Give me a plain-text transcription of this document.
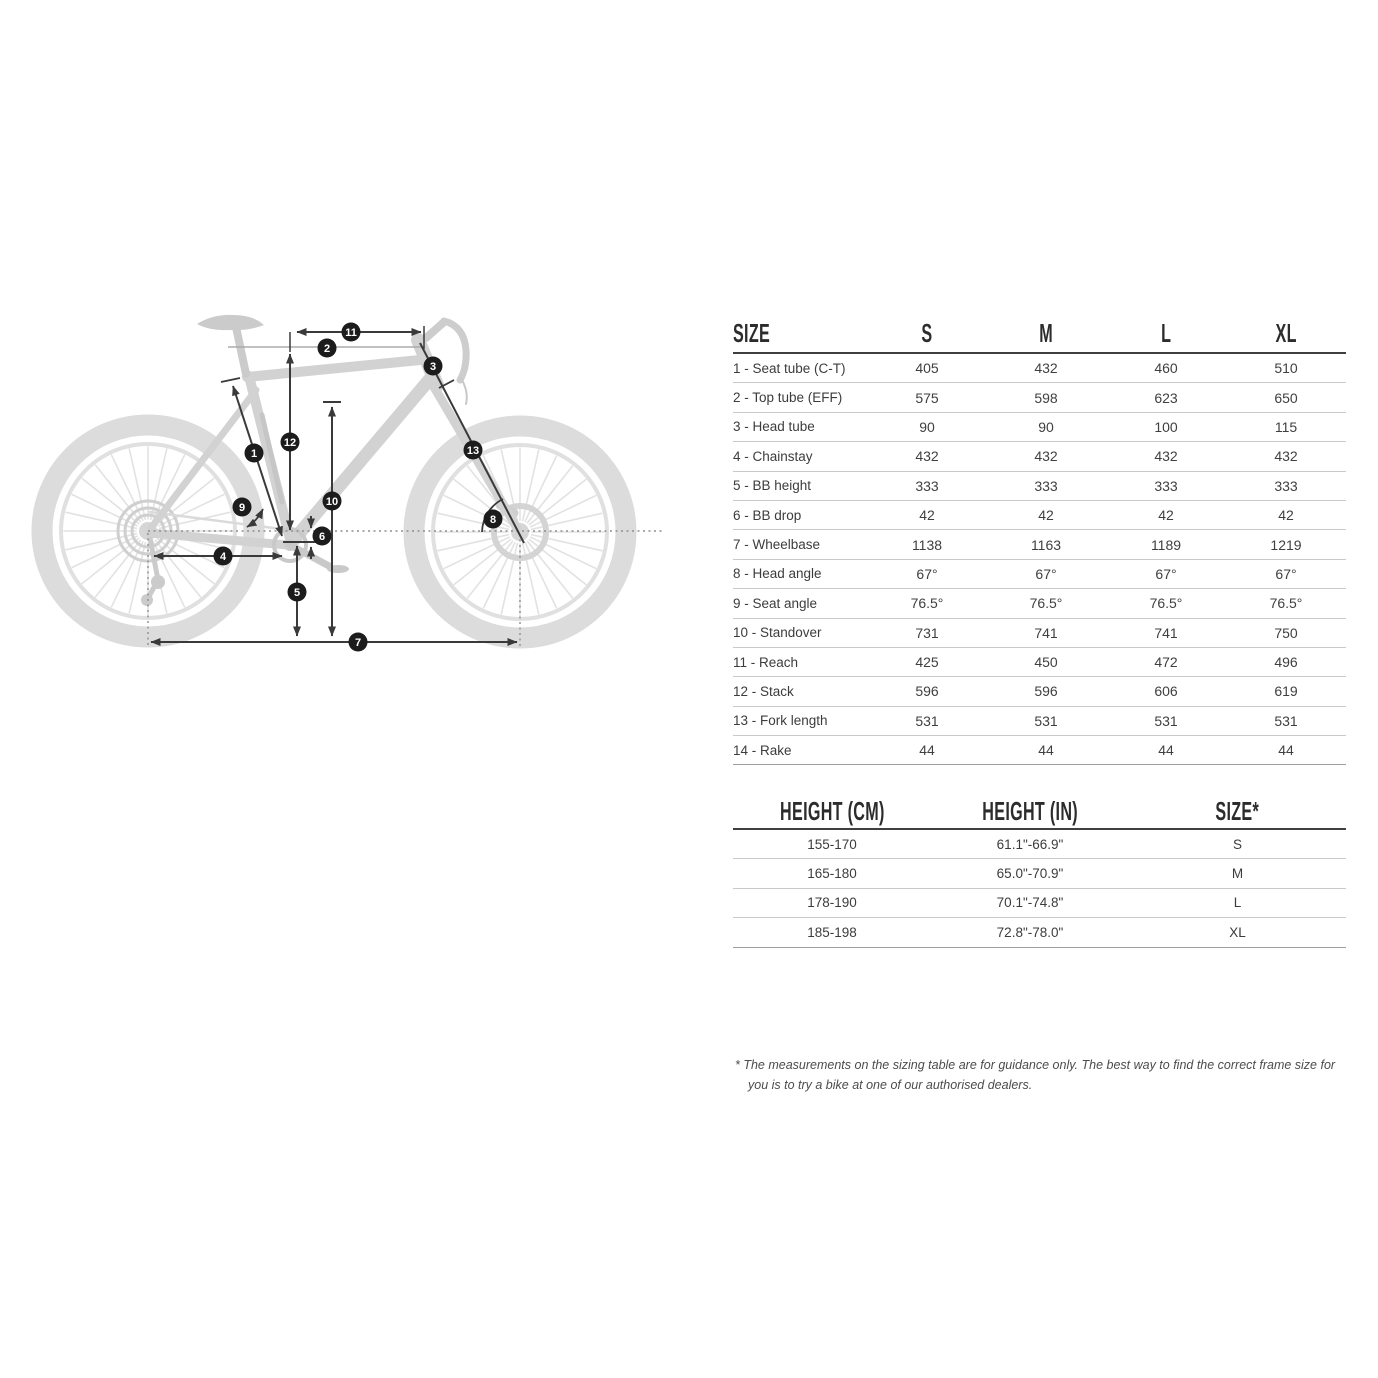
1
2
3
4
5
6
7
8
9	10
11
12
13
SIZE	S	M	L	XL
1 - Seat tube (C-T)	405	432	460	510
2 - Top tube (EFF)	575	598	623	650
3 - Head tube	90	90	100	115
4 - Chainstay	432	432	432	432
5 - BB height	333	333	333	333
6 - BB drop	42	42	42	42
7 - Wheelbase	1138	1163	1189	1219
8 - Head angle	67°	67°	67°	67°
9 - Seat angle	76.5°	76.5°	76.5°	76.5°
10 - Standover	731	741	741	750
11 - Reach	425	450	472	496
12 - Stack	596	596	606	619
13 - Fork length	531	531	531	531
14 - Rake	44	44	44	44
HEIGHT (CM)	HEIGHT (IN)	SIZE*
155-170	61.1"-66.9"	S
165-180	65.0"-70.9"	M
178-190	70.1"-74.8"	L
185-198	72.8"-78.0"	XL

* The measurements on the sizing table are for guidance only. The best way to find the correct frame size for you is to try a bike at one of our authorised dealers.
